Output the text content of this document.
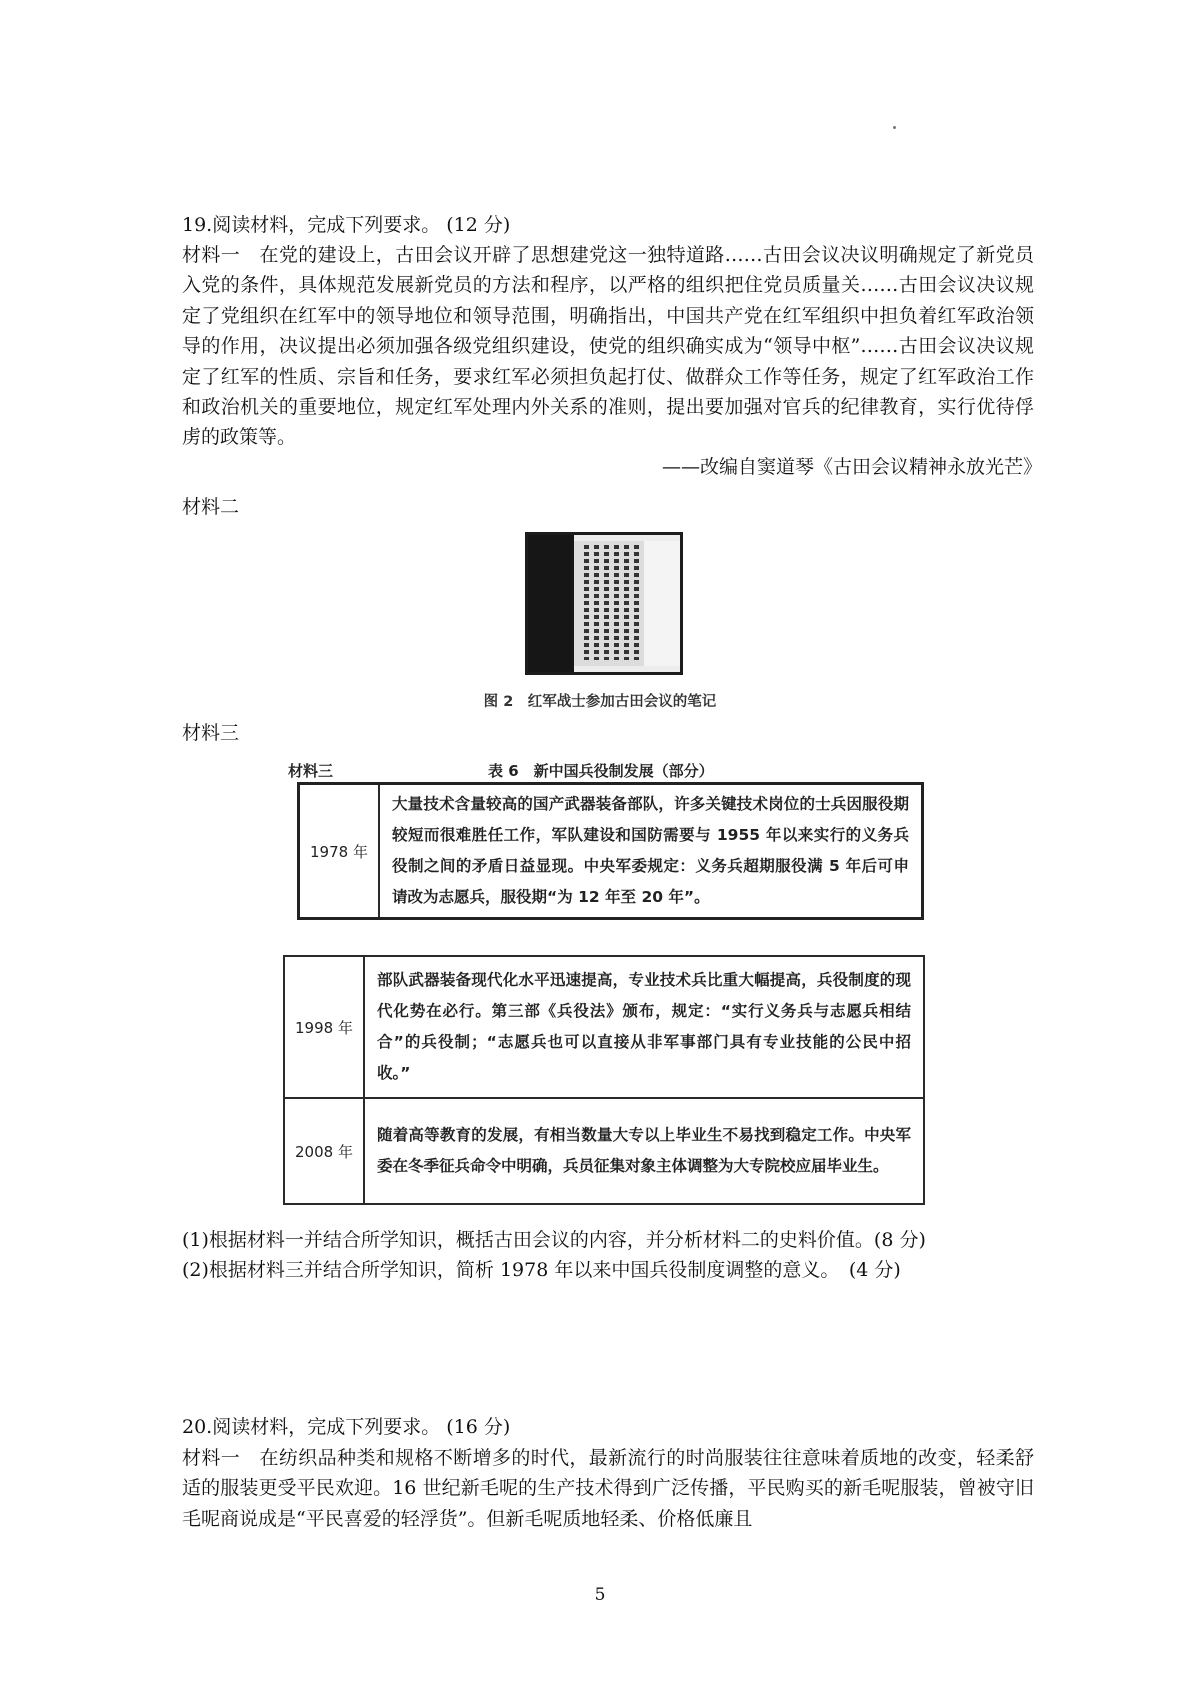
19.阅读材料，完成下列要求。 (12 分)
材料一　在党的建设上，古田会议开辟了思想建党这一独特道路……古田会议决议明确规定了新党员入党的条件，具体规范发展新党员的方法和程序，以严格的组织把住党员质量关……古田会议决议规定了党组织在红军中的领导地位和领导范围，明确指出，中国共产党在红军组织中担负着红军政治领导的作用，决议提出必须加强各级党组织建设，使党的组织确实成为“领导中枢”……古田会议决议规定了红军的性质、宗旨和任务，要求红军必须担负起打仗、做群众工作等任务，规定了红军政治工作和政治机关的重要地位，规定红军处理内外关系的准则，提出要加强对官兵的纪律教育，实行优待俘虏的政策等。
——改编自窦道琴《古田会议精神永放光芒》
材料二
图 2　红军战士参加古田会议的笔记
材料三
材料三	表 6　新中国兵役制发展（部分）
1978 年	大量技术含量较高的国产武器装备部队，许多关键技术岗位的士兵因服役期较短而很难胜任工作，军队建设和国防需要与 1955 年以来实行的义务兵役制之间的矛盾日益显现。中央军委规定：义务兵超期服役满 5 年后可申请改为志愿兵，服役期“为 12 年至 20 年”。
1998 年	部队武器装备现代化水平迅速提高，专业技术兵比重大幅提高，兵役制度的现代化势在必行。第三部《兵役法》颁布，规定：“实行义务兵与志愿兵相结合”的兵役制；“志愿兵也可以直接从非军事部门具有专业技能的公民中招收。”
2008 年	随着高等教育的发展，有相当数量大专以上毕业生不易找到稳定工作。中央军委在冬季征兵命令中明确，兵员征集对象主体调整为大专院校应届毕业生。
(1)根据材料一并结合所学知识，概括古田会议的内容，并分析材料二的史料价值。(8 分)
(2)根据材料三并结合所学知识，简析 1978 年以来中国兵役制度调整的意义。　(4 分)
20.阅读材料，完成下列要求。 (16 分)
材料一　在纺织品种类和规格不断增多的时代，最新流行的时尚服装往往意味着质地的改变，轻柔舒适的服装更受平民欢迎。16 世纪新毛呢的生产技术得到广泛传播，平民购买的新毛呢服装，曾被守旧毛呢商说成是“平民喜爱的轻浮货”。但新毛呢质地轻柔、价格低廉且
5
